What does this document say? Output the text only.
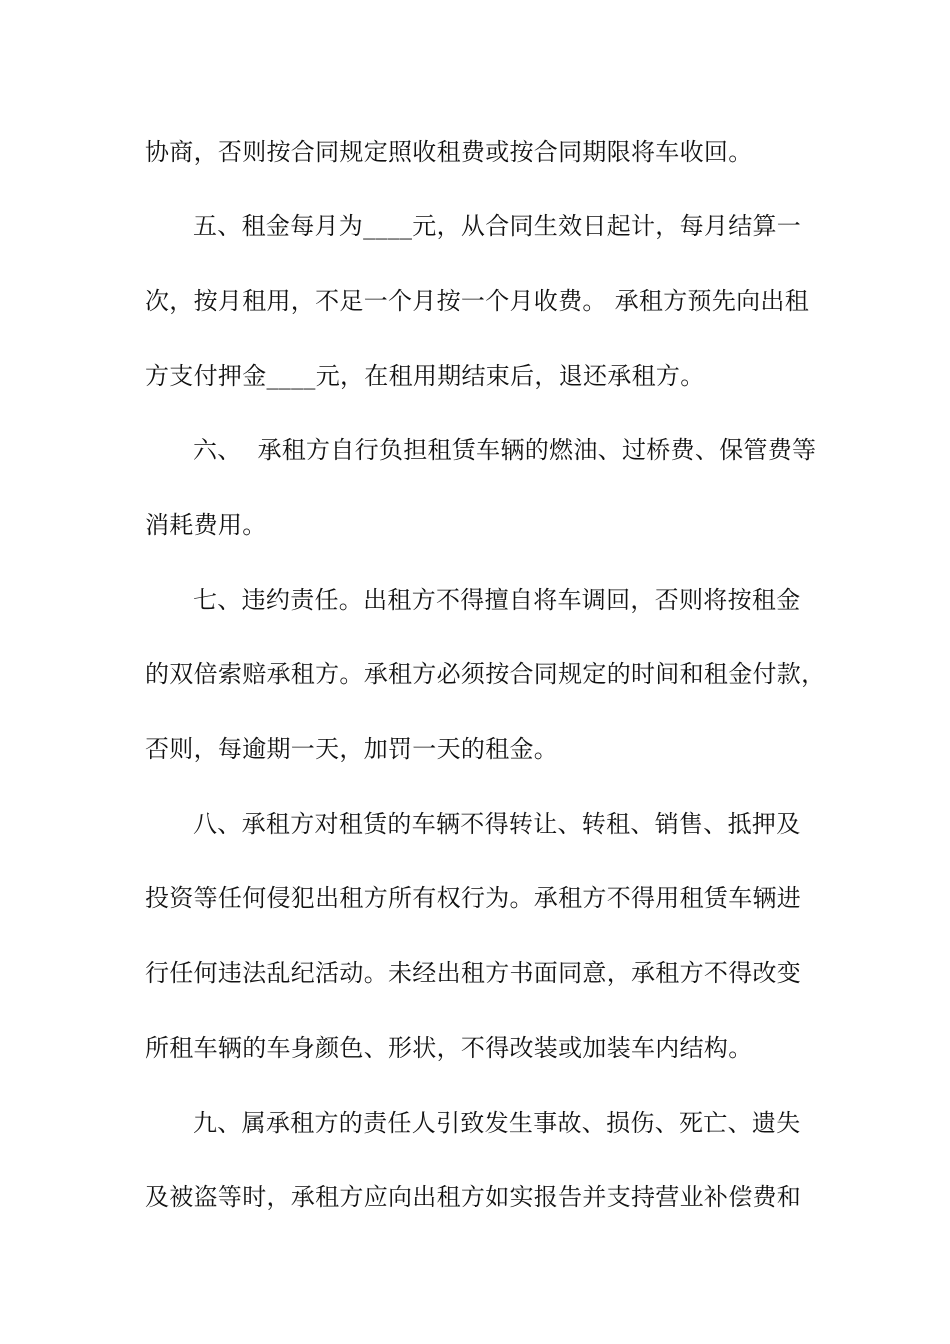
协商，否则按合同规定照收租费或按合同期限将车收回。
五、租金每月为____元，从合同生效日起计，每月结算一
次，按月租用，不足一个月按一个月收费。 承租方预先向出租
方支付押金____元，在租用期结束后，退还承租方。
六、  承租方自行负担租赁车辆的燃油、过桥费、保管费等
消耗费用。
七、违约责任。出租方不得擅自将车调回，否则将按租金
的双倍索赔承租方。承租方必须按合同规定的时间和租金付款，
否则，每逾期一天，加罚一天的租金。
八、承租方对租赁的车辆不得转让、转租、销售、抵押及
投资等任何侵犯出租方所有权行为。承租方不得用租赁车辆进
行任何违法乱纪活动。未经出租方书面同意，承租方不得改变
所租车辆的车身颜色、形状，不得改装或加装车内结构。
九、属承租方的责任人引致发生事故、损伤、死亡、遗失
及被盗等时，承租方应向出租方如实报告并支持营业补偿费和
